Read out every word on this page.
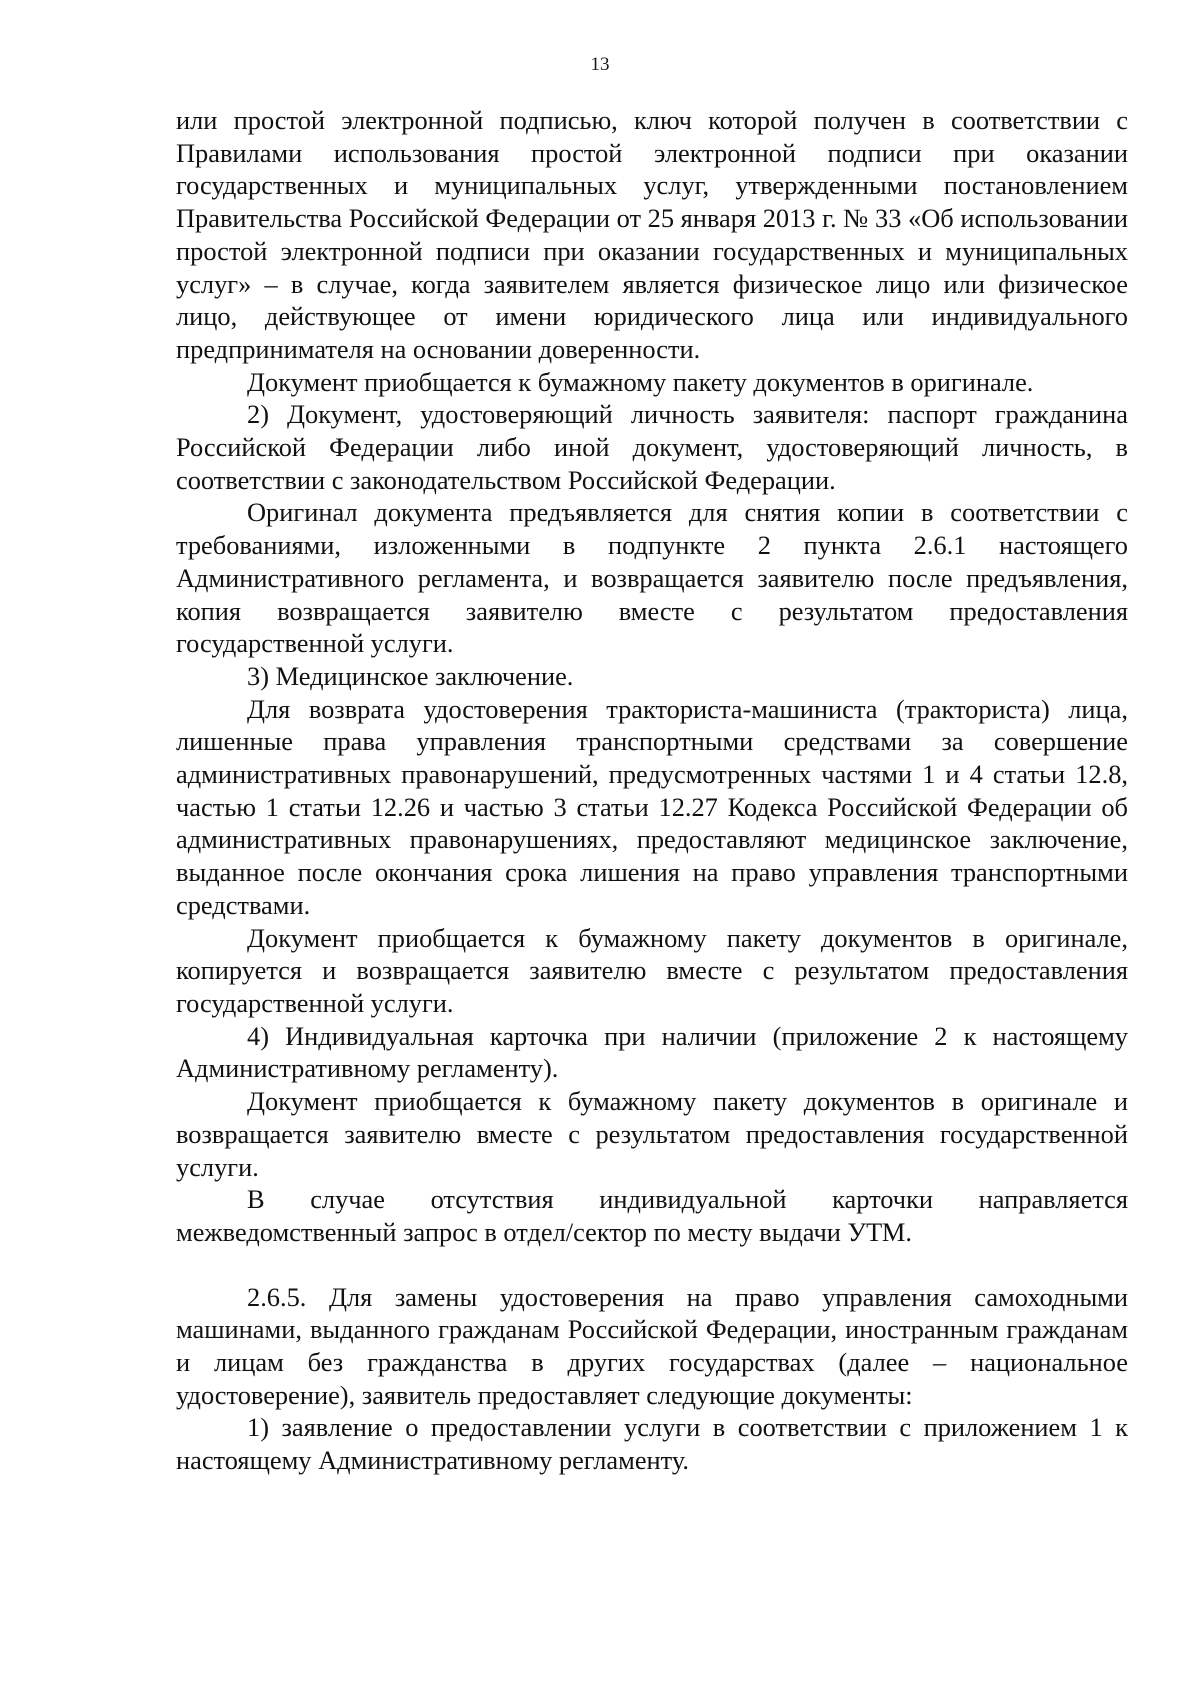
13

или простой электронной подписью, ключ которой получен в соответствии с Правилами использования простой электронной подписи при оказании государственных и муниципальных услуг, утвержденными постановлением Правительства Российской Федерации от 25 января 2013 г. № 33 «Об использовании простой электронной подписи при оказании государственных и муниципальных услуг» – в случае, когда заявителем является физическое лицо или физическое лицо, действующее от имени юридического лица или индивидуального предпринимателя на основании доверенности.

Документ приобщается к бумажному пакету документов в оригинале.

2) Документ, удостоверяющий личность заявителя: паспорт гражданина Российской Федерации либо иной документ, удостоверяющий личность, в соответствии с законодательством Российской Федерации.

Оригинал документа предъявляется для снятия копии в соответствии с требованиями, изложенными в подпункте 2 пункта 2.6.1 настоящего Административного регламента, и возвращается заявителю после предъявления, копия возвращается заявителю вместе с результатом предоставления государственной услуги.

3) Медицинское заключение.

Для возврата удостоверения тракториста-машиниста (тракториста) лица, лишенные права управления транспортными средствами за совершение административных правонарушений, предусмотренных частями 1 и 4 статьи 12.8, частью 1 статьи 12.26 и частью 3 статьи 12.27 Кодекса Российской Федерации об административных правонарушениях, предоставляют медицинское заключение, выданное после окончания срока лишения на право управления транспортными средствами.

Документ приобщается к бумажному пакету документов в оригинале, копируется и возвращается заявителю вместе с результатом предоставления государственной услуги.

4) Индивидуальная карточка при наличии (приложение 2 к настоящему Административному регламенту).

Документ приобщается к бумажному пакету документов в оригинале и возвращается заявителю вместе с результатом предоставления государственной услуги.

В случае отсутствия индивидуальной карточки направляется межведомственный запрос в отдел/сектор по месту выдачи УТМ.

2.6.5. Для замены удостоверения на право управления самоходными машинами, выданного гражданам Российской Федерации, иностранным гражданам и лицам без гражданства в других государствах (далее – национальное удостоверение), заявитель предоставляет следующие документы:

1) заявление о предоставлении услуги в соответствии с приложением 1 к настоящему Административному регламенту.
